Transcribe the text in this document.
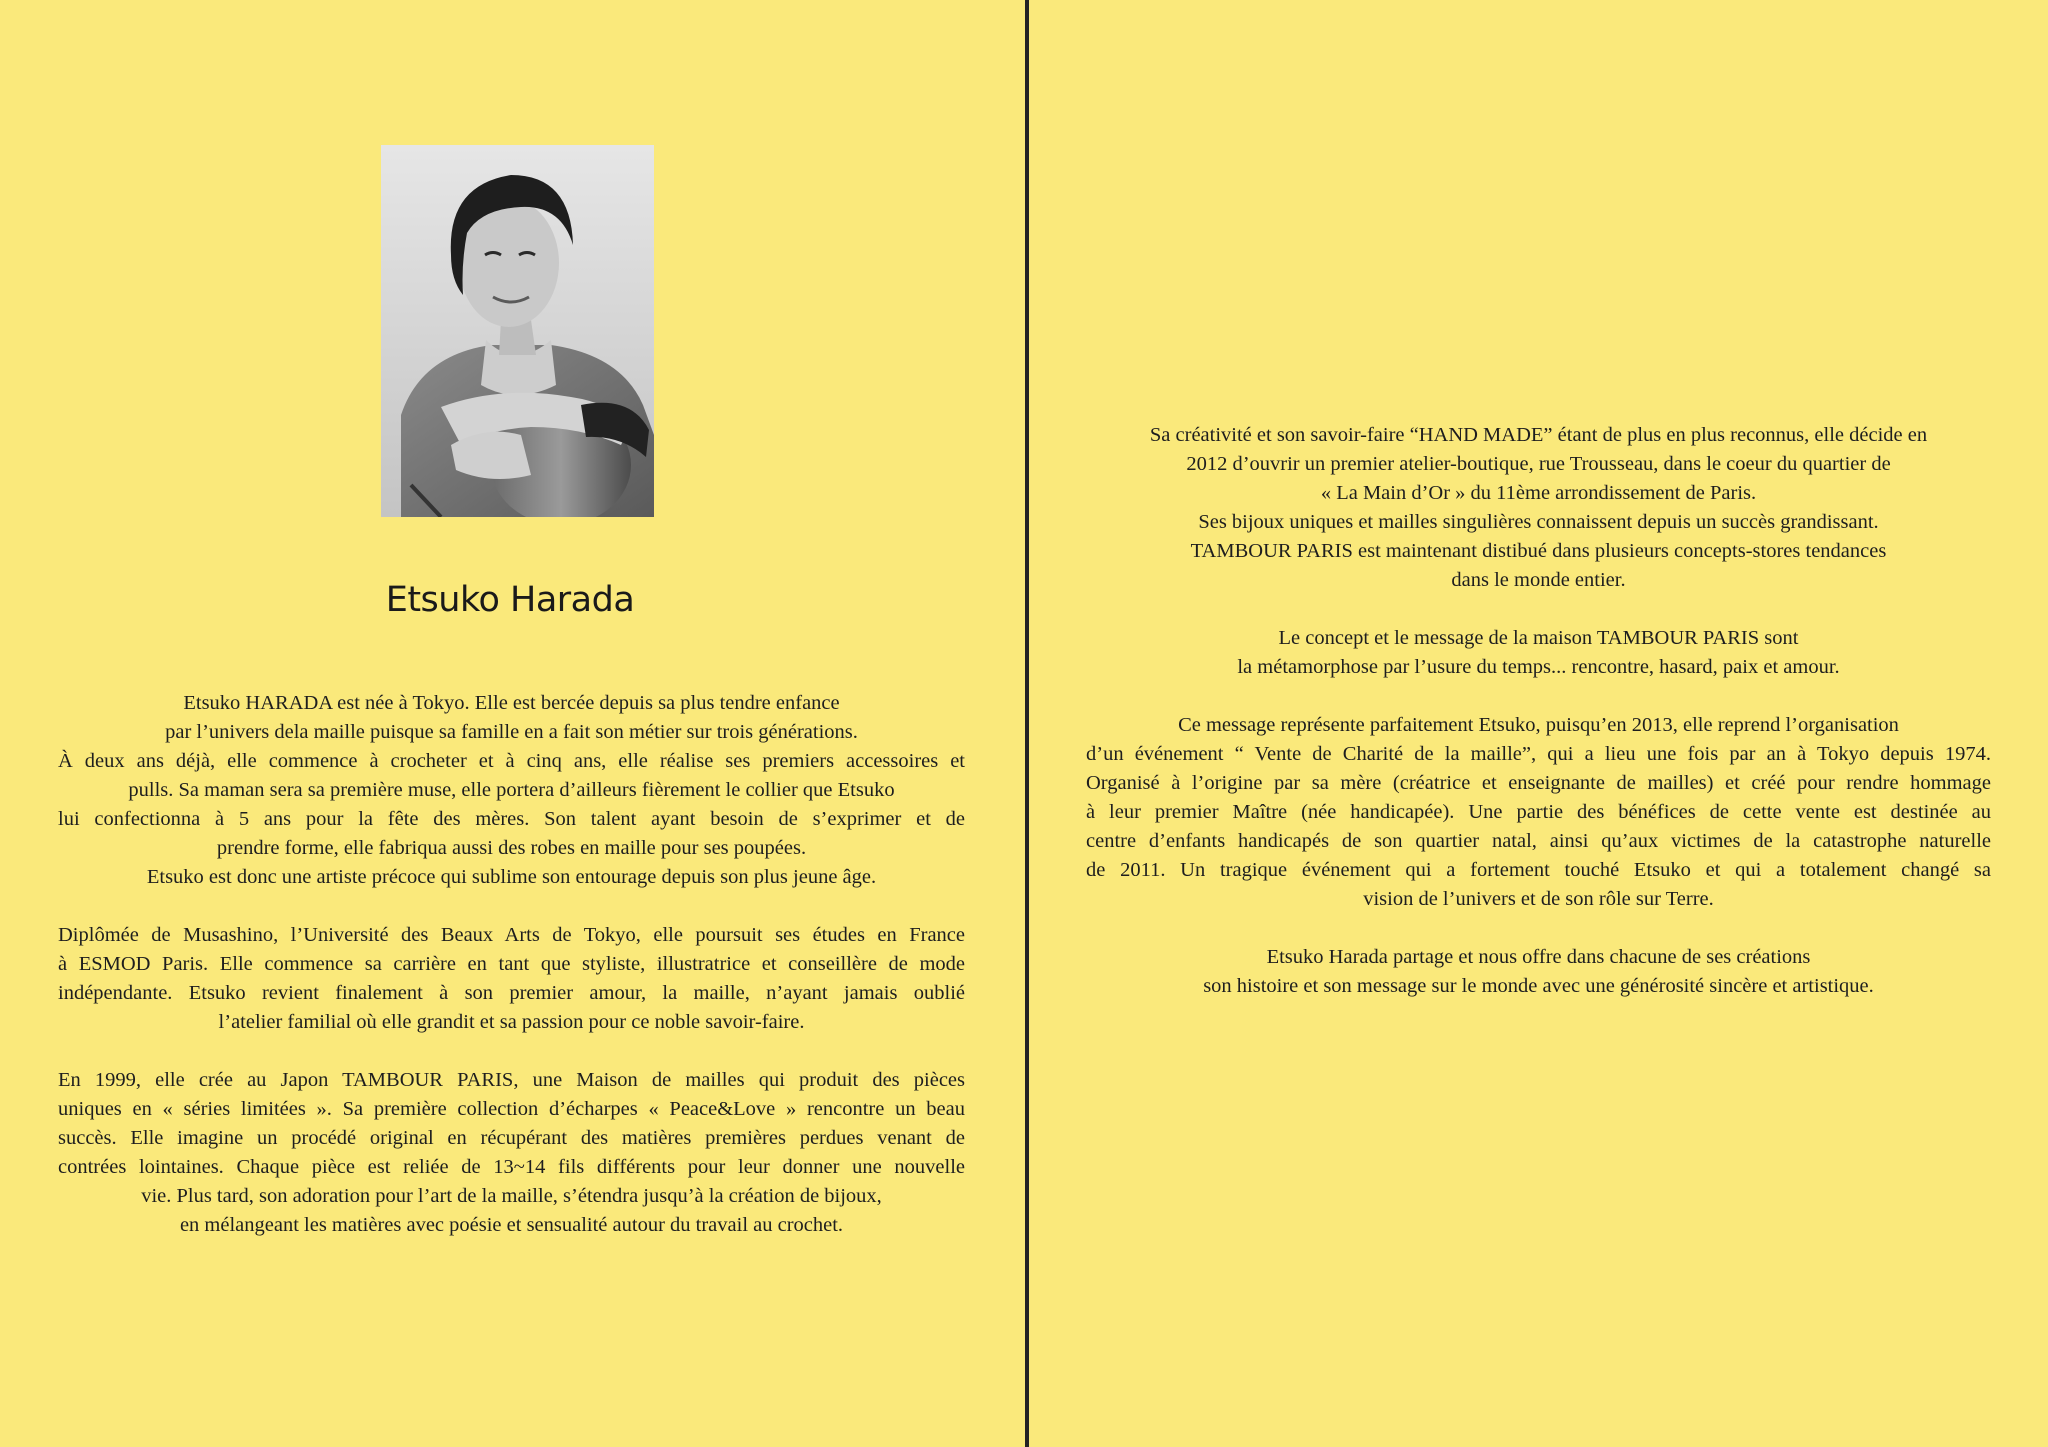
Etsuko Harada
Etsuko HARADA est née à Tokyo. Elle est bercée depuis sa plus tendre enfance
par l’univers dela maille puisque sa famille en a fait son métier sur trois générations.
À deux ans déjà, elle commence à crocheter et à cinq ans, elle réalise ses premiers accessoires et
pulls. Sa maman sera sa première muse, elle portera d’ailleurs fièrement le collier que Etsuko
lui confectionna à 5 ans pour la fête des mères. Son talent ayant besoin de s’exprimer et de
prendre forme, elle fabriqua aussi des robes en maille pour ses poupées.
Etsuko est donc une artiste précoce qui sublime son entourage depuis son plus jeune âge.
Diplômée de Musashino, l’Université des Beaux Arts de Tokyo, elle poursuit ses études en France
à ESMOD Paris. Elle commence sa carrière en tant que styliste, illustratrice et conseillère de mode
indépendante. Etsuko revient finalement à son premier amour, la maille, n’ayant jamais oublié
l’atelier familial où elle grandit et sa passion pour ce noble savoir-faire.
En 1999, elle crée au Japon TAMBOUR PARIS, une Maison de mailles qui produit des pièces
uniques en « séries limitées ». Sa première collection d’écharpes « Peace&Love » rencontre un beau
succès. Elle imagine un procédé original en récupérant des matières premières perdues venant de
contrées lointaines. Chaque pièce est reliée de 13~14 fils différents pour leur donner une nouvelle
vie. Plus tard, son adoration pour l’art de la maille, s’étendra jusqu’à la création de bijoux,
en mélangeant les matières avec poésie et sensualité autour du travail au crochet.
Sa créativité et son savoir-faire “HAND MADE” étant de plus en plus reconnus, elle décide en
2012 d’ouvrir un premier atelier-boutique, rue Trousseau, dans le coeur du quartier de
« La Main d’Or » du 11ème arrondissement de Paris.
Ses bijoux uniques et mailles singulières connaissent depuis un succès grandissant.
TAMBOUR PARIS est maintenant distibué dans plusieurs concepts-stores tendances
dans le monde entier.
Le concept et le message de la maison TAMBOUR PARIS sont
la métamorphose par l’usure du temps... rencontre, hasard, paix et amour.
Ce message représente parfaitement Etsuko, puisqu’en 2013, elle reprend l’organisation
d’un événement “ Vente de Charité de la maille”, qui a lieu une fois par an à Tokyo depuis 1974.
Organisé à l’origine par sa mère (créatrice et enseignante de mailles) et créé pour rendre hommage
à leur premier Maître (née handicapée). Une partie des bénéfices de cette vente est destinée au
centre d’enfants handicapés de son quartier natal, ainsi qu’aux victimes de la catastrophe naturelle
de 2011. Un tragique événement qui a fortement touché Etsuko et qui a totalement changé sa
vision de l’univers et de son rôle sur Terre.
Etsuko Harada partage et nous offre dans chacune de ses créations
son histoire et son message sur le monde avec une générosité sincère et artistique.
